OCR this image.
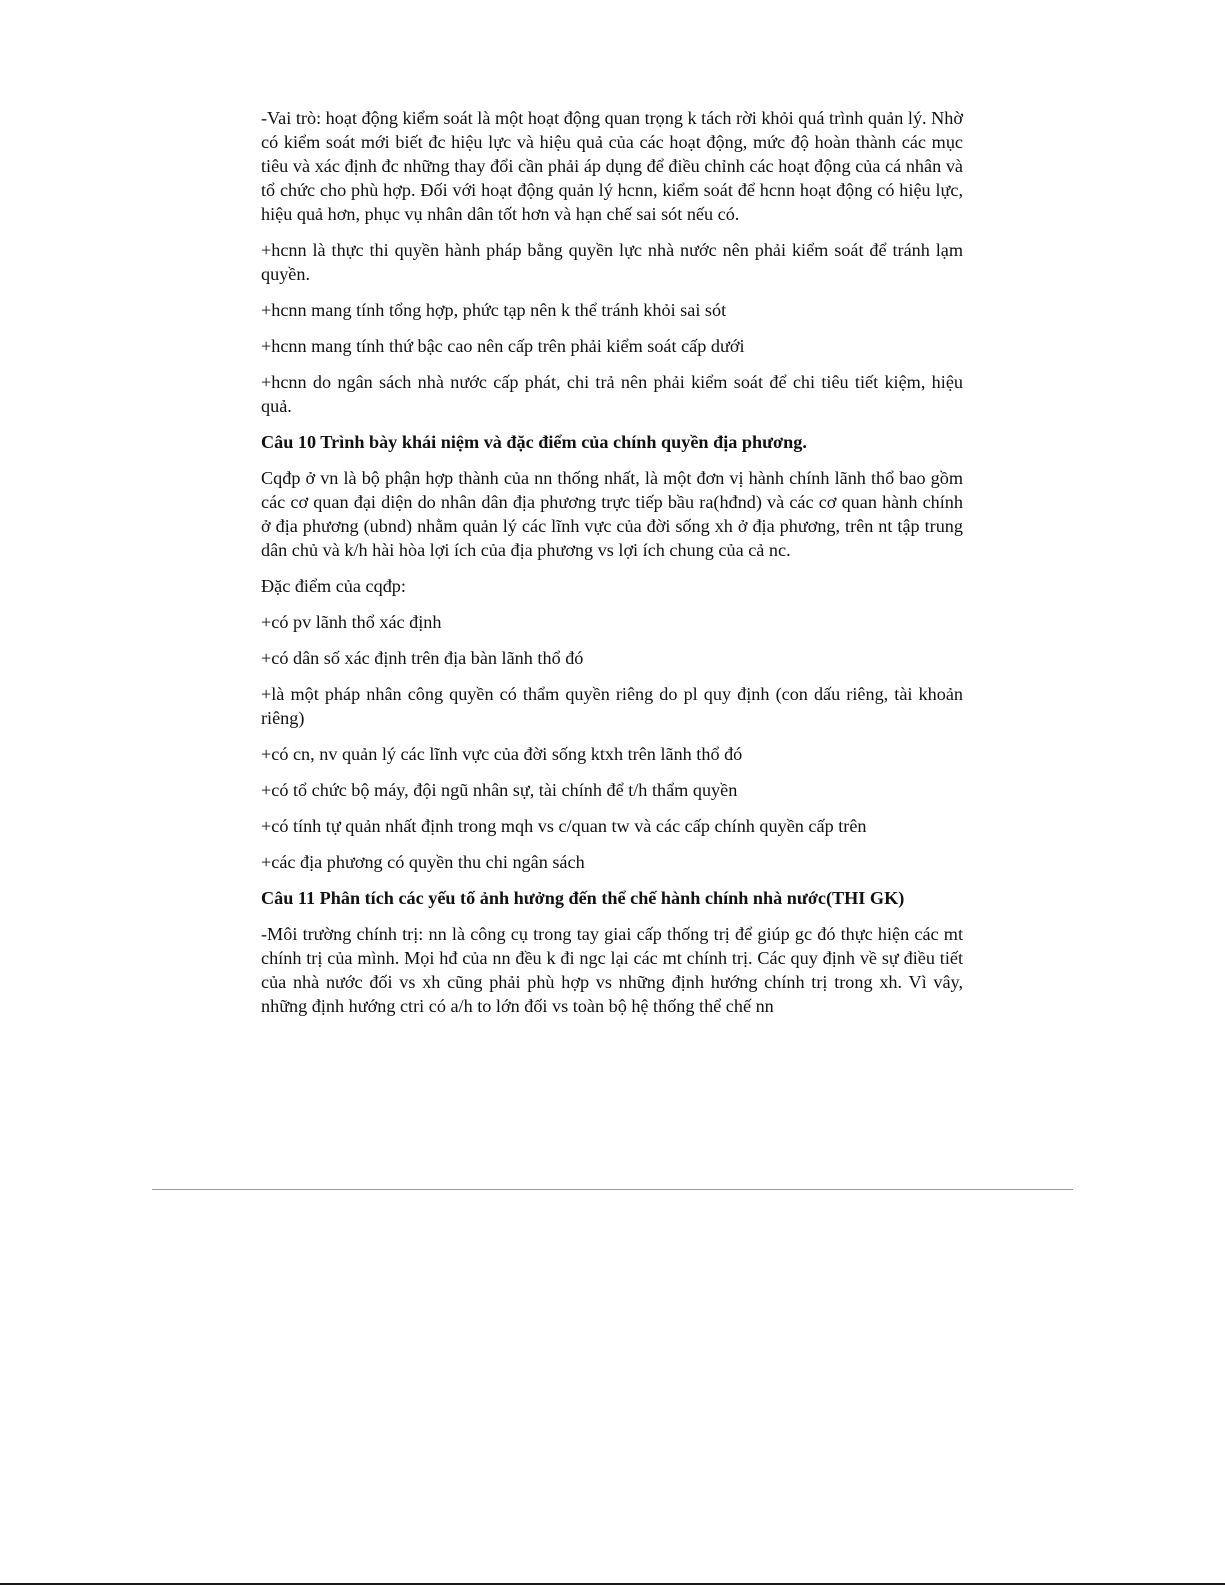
-Vai trò: hoạt động kiểm soát là một hoạt động quan trọng k tách rời khỏi quá trình quản lý. Nhờ có kiểm soát mới biết đc hiệu lực và hiệu quả của các hoạt động, mức độ hoàn thành các mục tiêu và xác định đc những thay đổi cần phải áp dụng để điều chỉnh các hoạt động của cá nhân và tổ chức cho phù hợp. Đối với hoạt động quản lý hcnn, kiểm soát để hcnn hoạt động có hiệu lực, hiệu quả hơn, phục vụ nhân dân tốt hơn và hạn chế sai sót nếu có.

+hcnn là thực thi quyền hành pháp bằng quyền lực nhà nước nên phải kiểm soát để tránh lạm quyền.

+hcnn mang tính tổng hợp, phức tạp nên k thể tránh khỏi sai sót

+hcnn mang tính thứ bậc cao nên cấp trên phải kiểm soát cấp dưới

+hcnn do ngân sách nhà nước cấp phát, chi trả nên phải kiểm soát để chi tiêu tiết kiệm, hiệu quả.

Câu 10 Trình bày khái niệm và đặc điểm của chính quyền địa phương.

Cqđp ở vn là bộ phận hợp thành của nn thống nhất, là một đơn vị hành chính lãnh thổ bao gồm các cơ quan đại diện do nhân dân địa phương trực tiếp bầu ra(hđnd) và các cơ quan hành chính ở địa phương (ubnd) nhằm quản lý các lĩnh vực của đời sống xh ở địa phương, trên nt tập trung dân chủ và k/h hài hòa lợi ích của địa phương vs lợi ích chung của cả nc.

Đặc điểm của cqđp:

+có pv lãnh thổ xác định

+có dân số xác định trên địa bàn lãnh thổ đó

+là một pháp nhân công quyền có thẩm quyền riêng do pl quy định (con dấu riêng, tài khoản riêng)

+có cn, nv quản lý các lĩnh vực của đời sống ktxh trên lãnh thổ đó

+có tổ chức bộ máy, đội ngũ nhân sự, tài chính để t/h thẩm quyền

+có tính tự quản nhất định trong mqh vs c/quan tw và các cấp chính quyền cấp trên

+các địa phương có quyền thu chi ngân sách

Câu 11 Phân tích các yếu tố ảnh hưởng đến thể chế hành chính nhà nước(THI GK)

-Môi trường chính trị: nn là công cụ trong tay giai cấp thống trị để giúp gc đó thực hiện các mt chính trị của mình. Mọi hđ của nn đều k đi ngc lại các mt chính trị. Các quy định về sự điều tiết của nhà nước đối vs xh cũng phải phù hợp vs những định hướng chính trị trong xh. Vì vây, những định hướng ctri có a/h to lớn đối vs toàn bộ hệ thống thể chế nn
